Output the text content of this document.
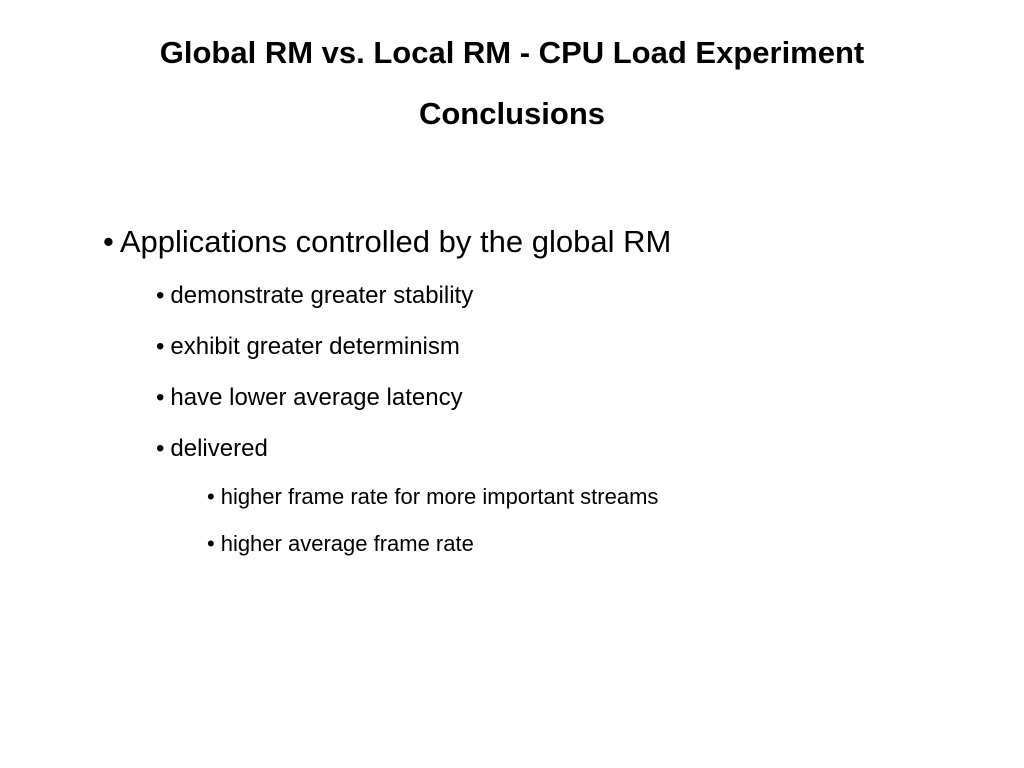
Global RM vs. Local RM - CPU Load Experiment
Conclusions
• Applications controlled by the global RM
• demonstrate greater stability
• exhibit greater determinism
• have lower average latency
• delivered
• higher frame rate for more important streams
• higher average frame rate
